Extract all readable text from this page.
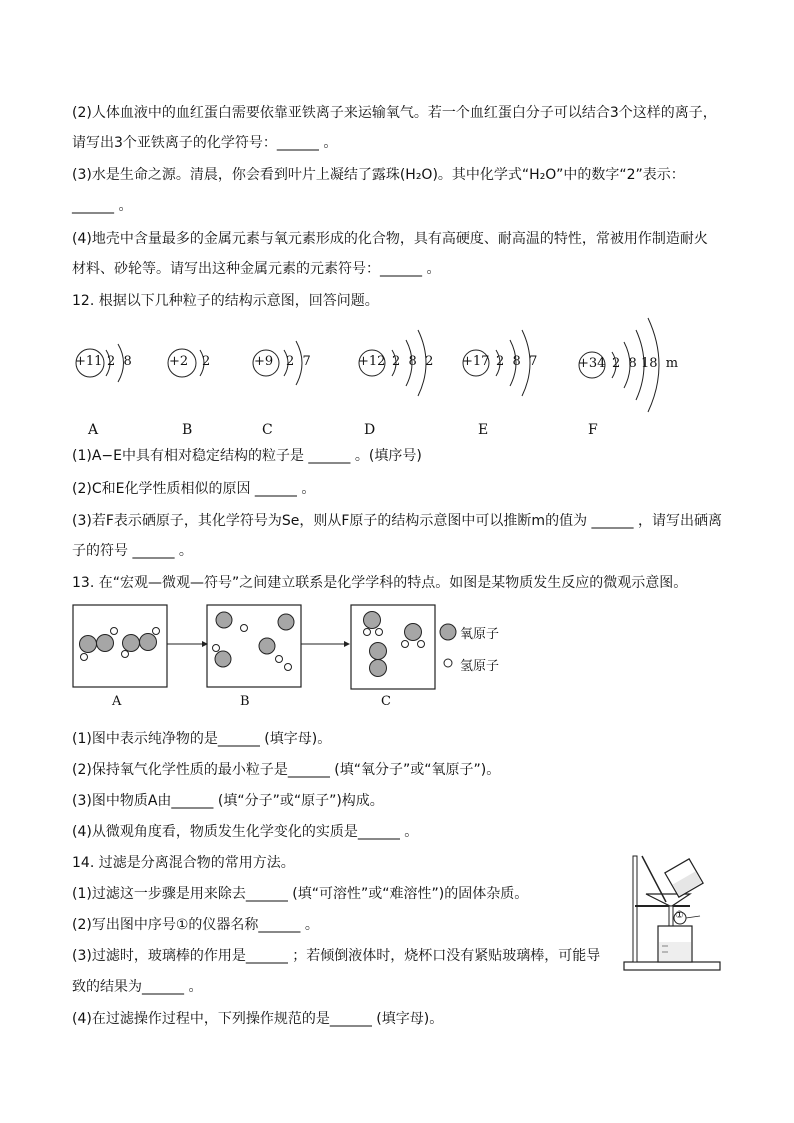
(2)人体血液中的血红蛋白需要依靠亚铁离子来运输氧气。若一个血红蛋白分子可以结合3个这样的离子，
请写出3个亚铁离子的化学符号：______ 。
(3)水是生命之源。清晨，你会看到叶片上凝结了露珠(H₂O)。其中化学式“H₂O”中的数字“2”表示：
______ 。
(4)地壳中含量最多的金属元素与氧元素形成的化合物，具有高硬度、耐高温的特性，常被用作制造耐火
材料、砂轮等。请写出这种金属元素的元素符号：______ 。
12. 根据以下几种粒子的结构示意图，回答问题。
+11 2  8	+2 2	+9 2  7	+12 2  8  2 +17 2  8  7	+34 2  8 18  m
A	B	C	D	E	F
(1)A−E中具有相对稳定结构的粒子是 ______ 。(填序号)
(2)C和E化学性质相似的原因 ______ 。
(3)若F表示硒原子，其化学符号为Se，则从F原子的结构示意图中可以推断m的值为 ______ ，请写出硒离
子的符号 ______ 。
13. 在“宏观—微观—符号”之间建立联系是化学学科的特点。如图是某物质发生反应的微观示意图。
氧原子
氢原子
A	B	C
(1)图中表示纯净物的是______ (填字母)。
(2)保持氧气化学性质的最小粒子是______ (填“氧分子”或“氧原子”)。
(3)图中物质A由______ (填“分子”或“原子”)构成。
(4)从微观角度看，物质发生化学变化的实质是______ 。
14. 过滤是分离混合物的常用方法。
(1)过滤这一步骤是用来除去______ (填“可溶性”或“难溶性”)的固体杂质。
(2)写出图中序号①的仪器名称______ 。
(3)过滤时，玻璃棒的作用是______ ；若倾倒液体时，烧杯口没有紧贴玻璃棒，可能导
致的结果为______ 。
(4)在过滤操作过程中，下列操作规范的是______ (填字母)。
①
